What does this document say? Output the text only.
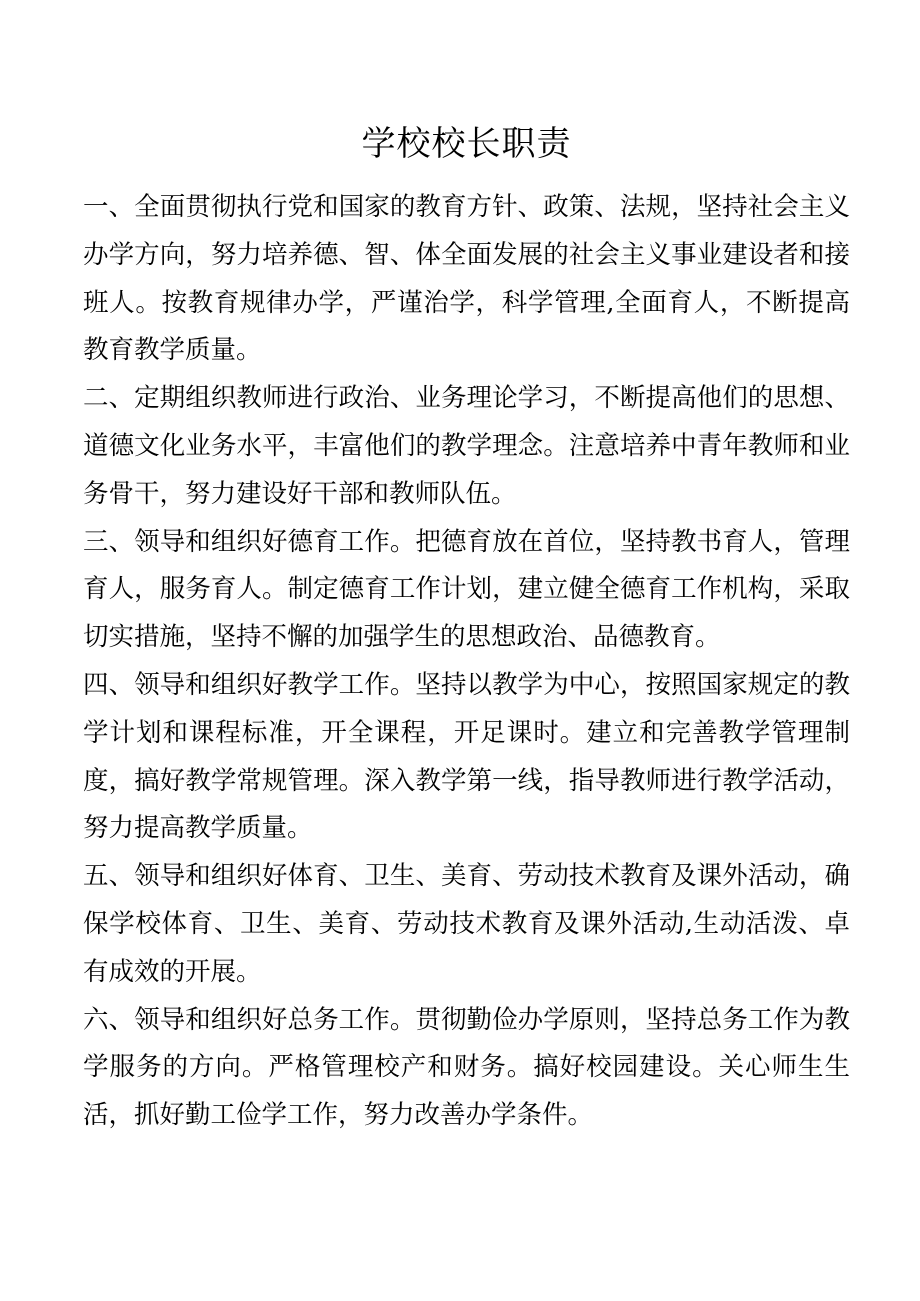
学校校长职责

一、全面贯彻执行党和国家的教育方针、政策、法规，坚持社会主义办学方向，努力培养德、智、体全面发展的社会主义事业建设者和接班人。按教育规律办学，严谨治学，科学管理,全面育人，不断提高教育教学质量。

二、定期组织教师进行政治、业务理论学习，不断提高他们的思想、道德文化业务水平，丰富他们的教学理念。注意培养中青年教师和业务骨干，努力建设好干部和教师队伍。

三、领导和组织好德育工作。把德育放在首位，坚持教书育人，管理育人，服务育人。制定德育工作计划，建立健全德育工作机构，采取切实措施，坚持不懈的加强学生的思想政治、品德教育。

四、领导和组织好教学工作。坚持以教学为中心，按照国家规定的教学计划和课程标准，开全课程，开足课时。建立和完善教学管理制度，搞好教学常规管理。深入教学第一线，指导教师进行教学活动，努力提高教学质量。

五、领导和组织好体育、卫生、美育、劳动技术教育及课外活动，确保学校体育、卫生、美育、劳动技术教育及课外活动,生动活泼、卓有成效的开展。

六、领导和组织好总务工作。贯彻勤俭办学原则，坚持总务工作为教学服务的方向。严格管理校产和财务。搞好校园建设。关心师生生活，抓好勤工俭学工作，努力改善办学条件。
